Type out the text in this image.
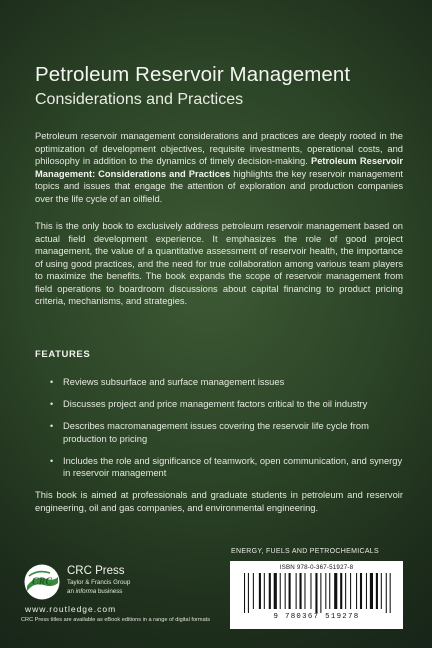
Petroleum Reservoir Management
Considerations and Practices
Petroleum reservoir management considerations and practices are deeply rooted in the optimization of development objectives, requisite investments, operational costs, and philosophy in addition to the dynamics of timely decision-making. Petroleum Reservoir Management: Considerations and Practices highlights the key reservoir management topics and issues that engage the attention of exploration and production companies over the life cycle of an oilfield.
This is the only book to exclusively address petroleum reservoir management based on actual field development experience. It emphasizes the role of good project management, the value of a quantitative assessment of reservoir health, the importance of using good practices, and the need for true collaboration among various team players to maximize the benefits. The book expands the scope of reservoir management from field operations to boardroom discussions about capital financing to product pricing criteria, mechanisms, and strategies.
FEATURES
• Reviews subsurface and surface management issues
• Discusses project and price management factors critical to the oil industry
• Describes macromanagement issues covering the reservoir life cycle from production to pricing
• Includes the role and significance of teamwork, open communication, and synergy in reservoir management
This book is aimed at professionals and graduate students in petroleum and reservoir engineering, oil and gas companies, and environmental engineering.
ENERGY, FUELS AND PETROCHEMICALS
CRC
CRC Press
Taylor & Francis Group
an informa business
www.routledge.com
CRC Press titles are available as eBook editions in a range of digital formats
ISBN 978-0-367-51927-8
9 780367 519278
